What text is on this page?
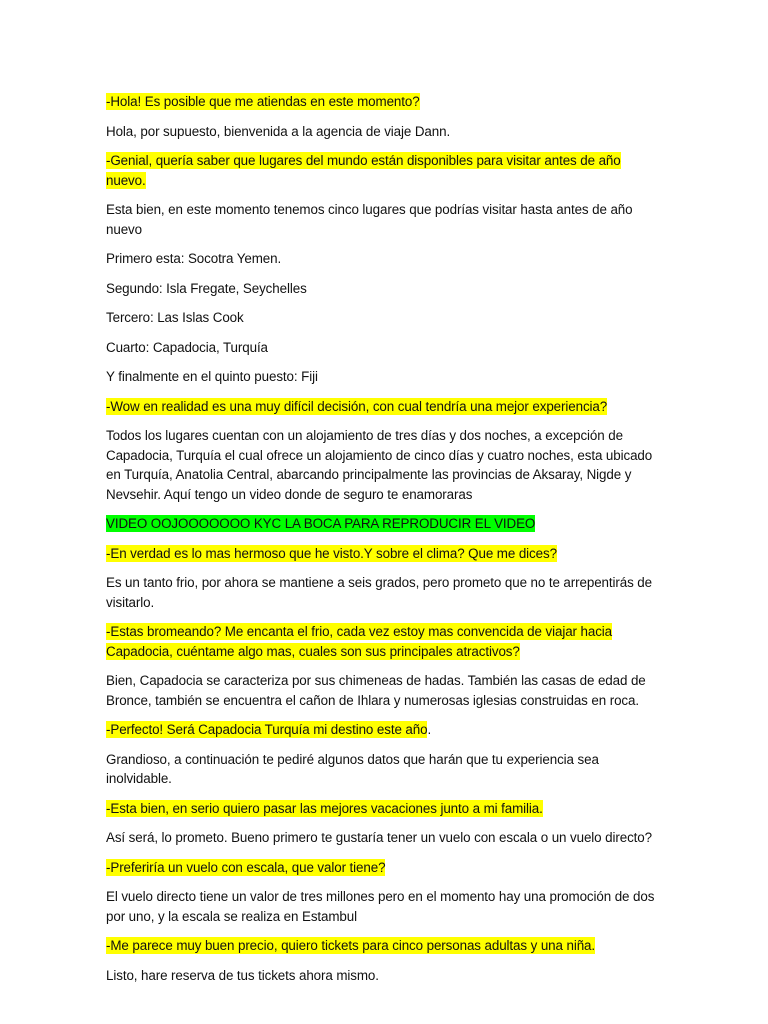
-Hola! Es posible que me atiendas en este momento?

Hola, por supuesto, bienvenida a la agencia de viaje Dann.

-Genial, quería saber que lugares del mundo están disponibles para visitar antes de año nuevo.

Esta bien, en este momento tenemos cinco lugares que podrías visitar hasta antes de año nuevo

Primero esta: Socotra Yemen.

Segundo: Isla Fregate, Seychelles

Tercero: Las Islas Cook

Cuarto: Capadocia, Turquía

Y finalmente en el quinto puesto: Fiji

-Wow en realidad es una muy difícil decisión, con cual tendría una mejor experiencia?

Todos los lugares cuentan con un alojamiento de tres días y dos noches, a excepción de Capadocia, Turquía el cual ofrece un alojamiento de cinco días y cuatro noches, esta ubicado en Turquía, Anatolia Central, abarcando principalmente las provincias de Aksaray, Nigde y Nevsehir. Aquí tengo un video donde de seguro te enamoraras

VIDEO OOJOOOOOOO KYC LA BOCA PARA REPRODUCIR EL VIDEO

-En verdad es lo mas hermoso que he visto.Y sobre el clima? Que me dices?

Es un tanto frio, por ahora se mantiene a seis grados, pero prometo que no te arrepentirás de visitarlo.

-Estas bromeando? Me encanta el frio, cada vez estoy mas convencida de viajar hacia Capadocia, cuéntame algo mas, cuales son sus principales atractivos?

Bien, Capadocia se caracteriza por sus chimeneas de hadas. También las casas de edad de Bronce, también se encuentra el cañon de Ihlara y numerosas iglesias construidas en roca.

-Perfecto! Será Capadocia Turquía mi destino este año.

Grandioso, a continuación te pediré algunos datos que harán que tu experiencia sea inolvidable.

-Esta bien, en serio quiero pasar las mejores vacaciones junto a mi familia.

Así será, lo prometo. Bueno primero te gustaría tener un vuelo con escala o un vuelo directo?

-Preferiría un vuelo con escala, que valor tiene?

El vuelo directo tiene un valor de tres millones pero en el momento hay una promoción de dos por uno, y la escala se realiza en Estambul

-Me parece muy buen precio, quiero tickets para cinco personas adultas y una niña.

Listo, hare reserva de tus tickets ahora mismo.
